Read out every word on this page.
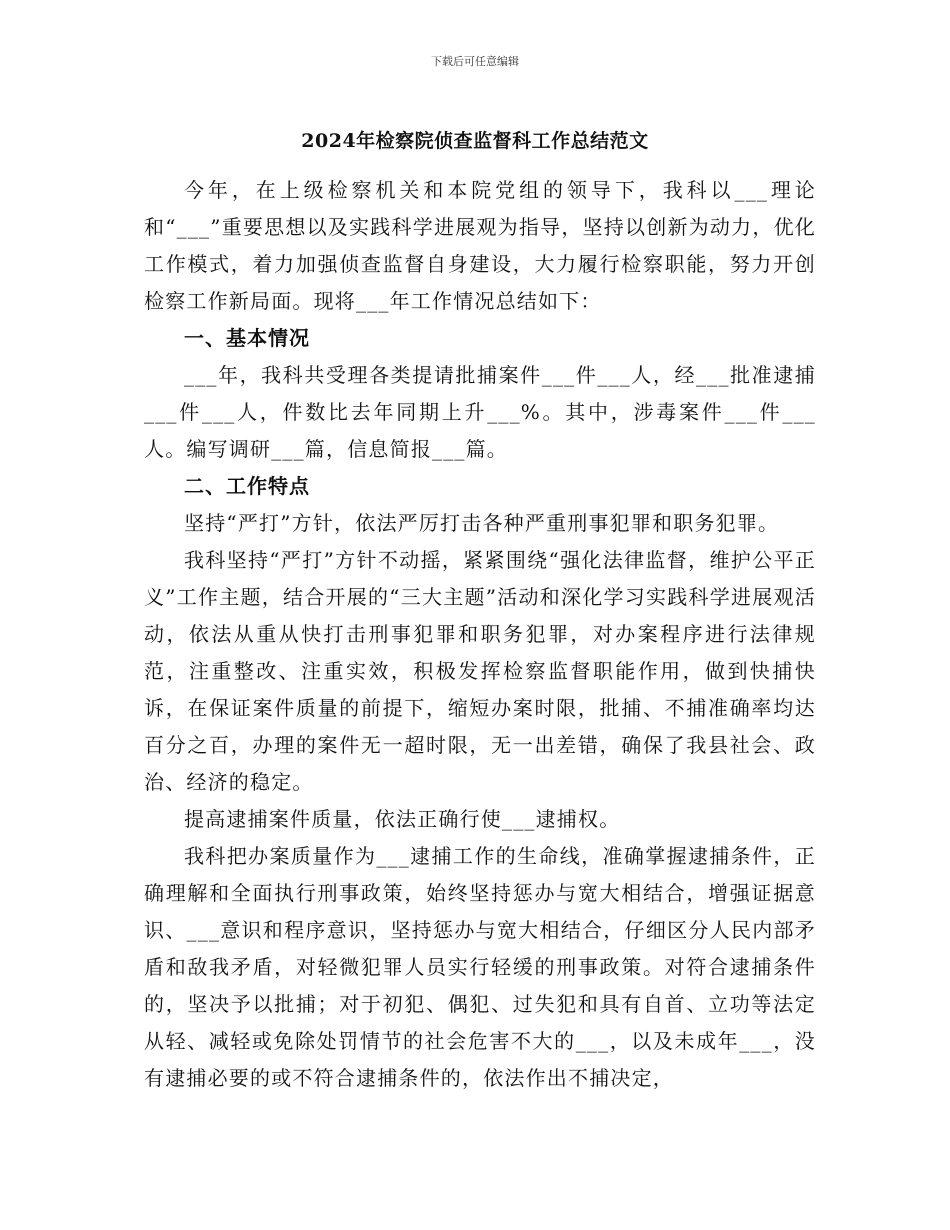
下载后可任意编辑
2024年检察院侦查监督科工作总结范文

今年，在上级检察机关和本院党组的领导下，我科以___理论和“___”重要思想以及实践科学进展观为指导，坚持以创新为动力，优化工作模式，着力加强侦查监督自身建设，大力履行检察职能，努力开创检察工作新局面。现将___年工作情况总结如下：

一、基本情况

___年，我科共受理各类提请批捕案件___件___人，经___批准逮捕___件___人，件数比去年同期上升___%。其中，涉毒案件___件___人。编写调研___篇，信息简报___篇。

二、工作特点

坚持“严打”方针，依法严厉打击各种严重刑事犯罪和职务犯罪。

我科坚持“严打”方针不动摇，紧紧围绕“强化法律监督，维护公平正义”工作主题，结合开展的“三大主题”活动和深化学习实践科学进展观活动，依法从重从快打击刑事犯罪和职务犯罪，对办案程序进行法律规范，注重整改、注重实效，积极发挥检察监督职能作用，做到快捕快诉，在保证案件质量的前提下，缩短办案时限，批捕、不捕准确率均达百分之百，办理的案件无一超时限，无一出差错，确保了我县社会、政治、经济的稳定。

提高逮捕案件质量，依法正确行使___逮捕权。

我科把办案质量作为___逮捕工作的生命线，准确掌握逮捕条件，正确理解和全面执行刑事政策，始终坚持惩办与宽大相结合，增强证据意识、___意识和程序意识，坚持惩办与宽大相结合，仔细区分人民内部矛盾和敌我矛盾，对轻微犯罪人员实行轻缓的刑事政策。对符合逮捕条件的，坚决予以批捕；对于初犯、偶犯、过失犯和具有自首、立功等法定从轻、减轻或免除处罚情节的社会危害不大的___，以及未成年___，没有逮捕必要的或不符合逮捕条件的，依法作出不捕决定，
